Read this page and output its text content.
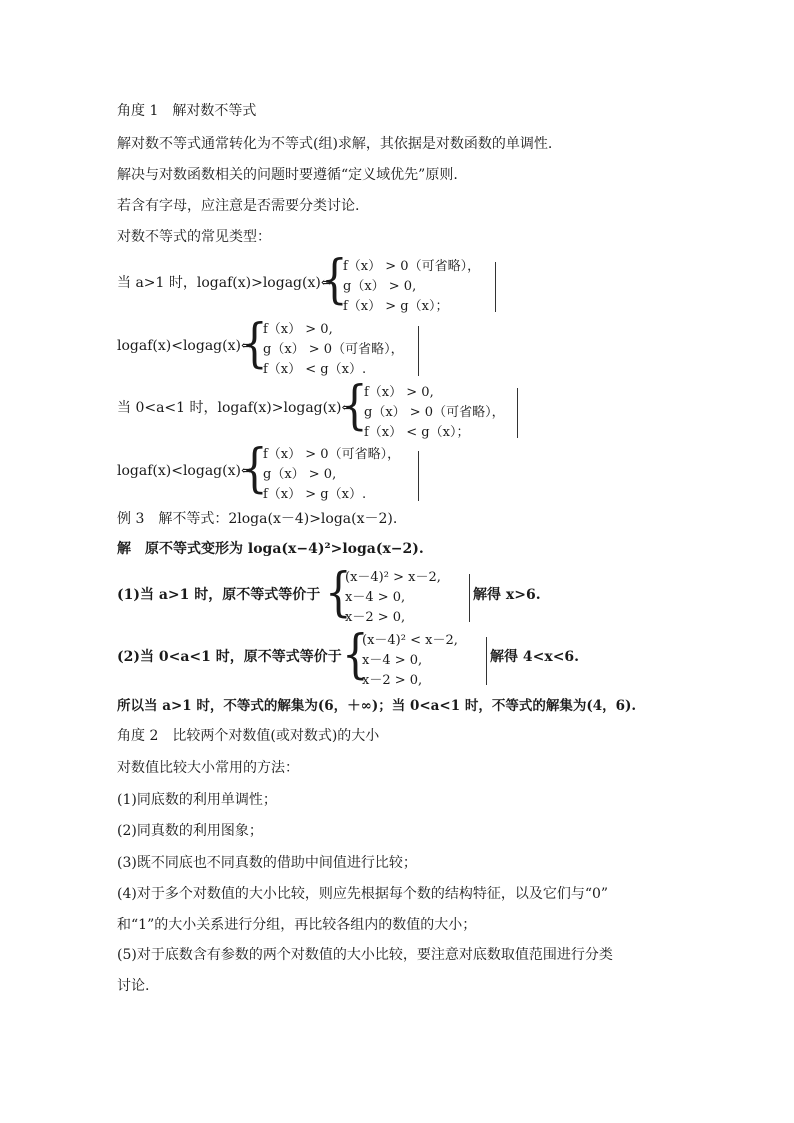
角度 1　解对数不等式
解对数不等式通常转化为不等式(组)求解，其依据是对数函数的单调性.
解决与对数函数相关的问题时要遵循“定义域优先”原则.
若含有字母，应注意是否需要分类讨论.
对数不等式的常见类型：
当 a>1 时，logaf(x)>logag(x)⇔
{
f（x） > 0（可省略），
g（x） > 0,
f（x） > g（x）；
logaf(x)<logag(x)⇔
{
f（x） > 0,
g（x） > 0（可省略），
f（x） < g（x）.
当 0<a<1 时，logaf(x)>logag(x)⇔
{
f（x） > 0,
g（x） > 0（可省略），
f（x） < g（x）；
logaf(x)<logag(x)⇔
{
f（x） > 0（可省略），
g（x） > 0,
f（x） > g（x）.
例 3　解不等式：2loga(x－4)>loga(x－2).
解　原不等式变形为 loga(x−4)²>loga(x−2).
(1)当 a>1 时，原不等式等价于 {
(x－4)² > x－2,
x－4 > 0,
x－2 > 0,
解得 x>6.
(2)当 0<a<1 时，原不等式等价于 {
(x－4)² < x－2,
x－4 > 0,
x－2 > 0,
解得 4<x<6.
所以当 a>1 时，不等式的解集为(6，＋∞)；当 0<a<1 时，不等式的解集为(4，6).
角度 2　比较两个对数值(或对数式)的大小
对数值比较大小常用的方法：
(1)同底数的利用单调性；
(2)同真数的利用图象；
(3)既不同底也不同真数的借助中间值进行比较；
(4)对于多个对数值的大小比较，则应先根据每个数的结构特征，以及它们与“0”
和“1”的大小关系进行分组，再比较各组内的数值的大小；
(5)对于底数含有参数的两个对数值的大小比较，要注意对底数取值范围进行分类
讨论.
